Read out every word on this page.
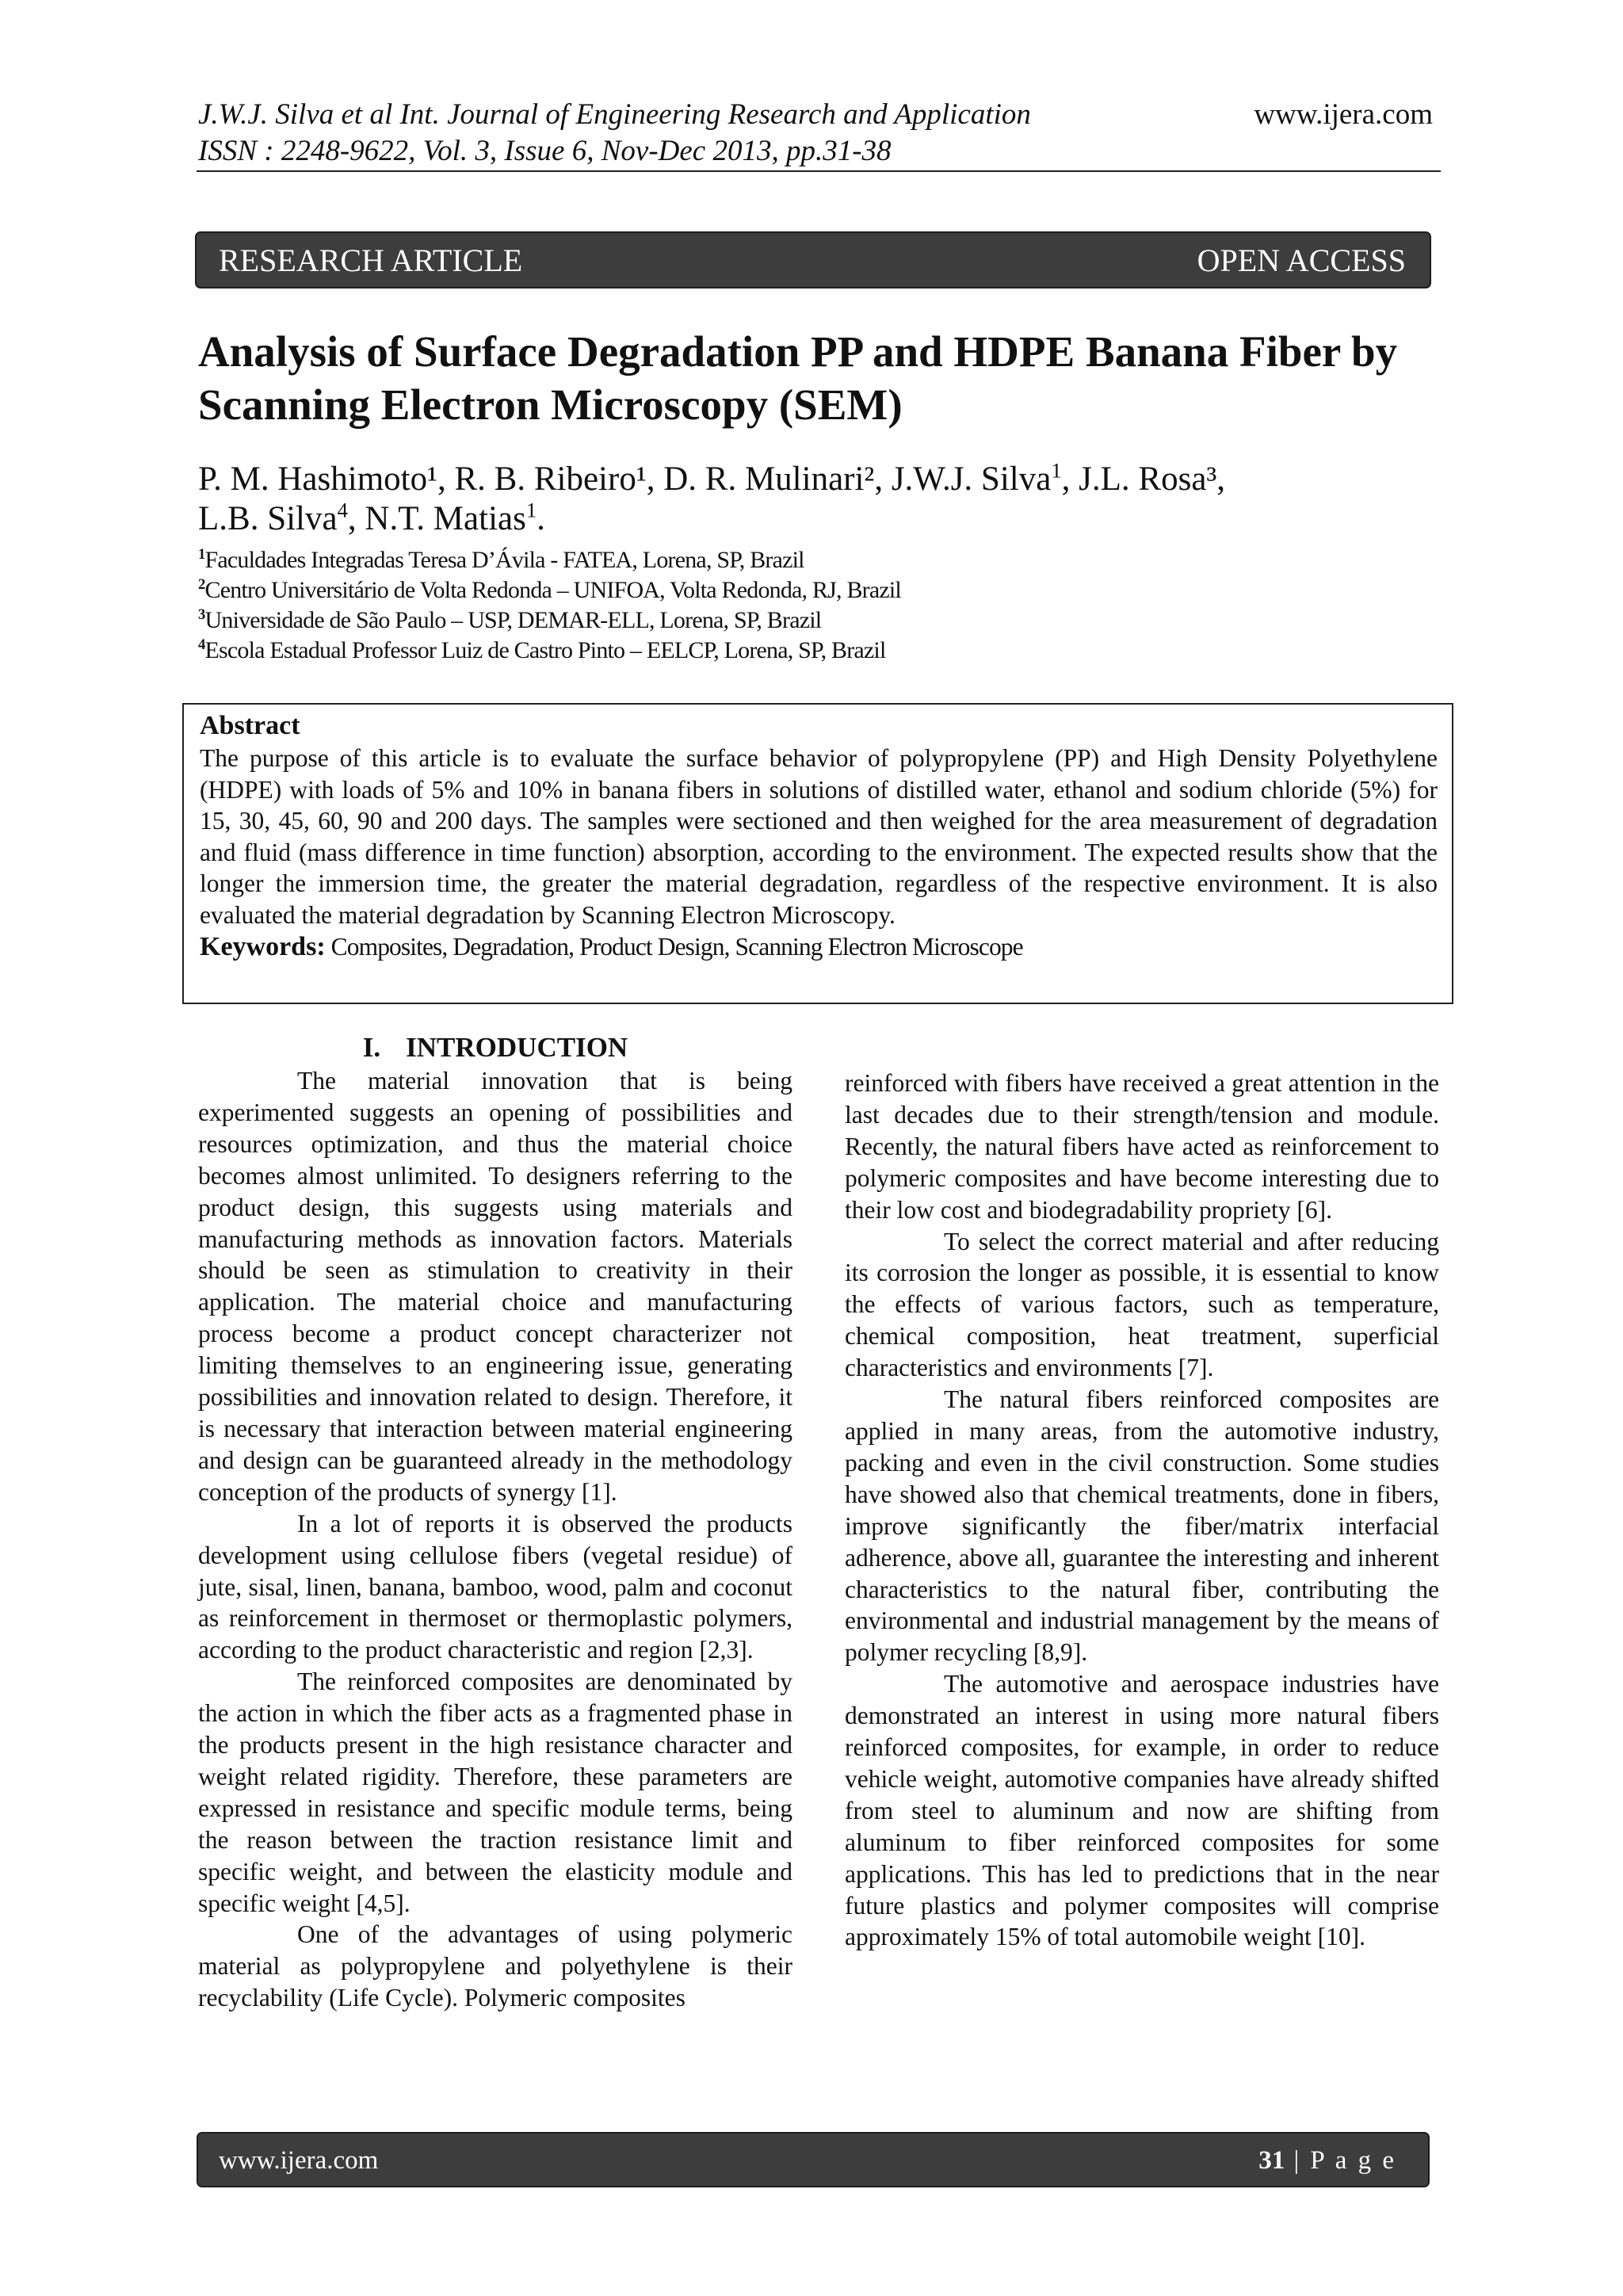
J.W.J. Silva et al Int. Journal of Engineering Research and Application
ISSN : 2248-9622, Vol. 3, Issue 6, Nov-Dec 2013, pp.31-38
www.ijera.com
RESEARCH ARTICLE	OPEN ACCESS
Analysis of Surface Degradation PP and HDPE Banana Fiber by
Scanning Electron Microscopy (SEM)
P. M. Hashimoto¹, R. B. Ribeiro¹, D. R. Mulinari², J.W.J. Silva$^1$, J.L. Rosa³,
L.B. Silva$^4$, N.T. Matias$^1$.
$^1$Faculdades Integradas Teresa D’Ávila - FATEA, Lorena, SP, Brazil
$^2$Centro Universitário de Volta Redonda – UNIFOA, Volta Redonda, RJ, Brazil
$^3$Universidade de São Paulo – USP, DEMAR-ELL, Lorena, SP, Brazil
$^4$Escola Estadual Professor Luiz de Castro Pinto – EELCP, Lorena, SP, Brazil
Abstract
The purpose of this article is to evaluate the surface behavior of polypropylene (PP) and High Density Polyethylene (HDPE) with loads of 5% and 10% in banana fibers in solutions of distilled water, ethanol and sodium chloride (5%) for 15, 30, 45, 60, 90 and 200 days. The samples were sectioned and then weighed for the area measurement of degradation and fluid (mass difference in time function) absorption, according to the environment. The expected results show that the longer the immersion time, the greater the material degradation, regardless of the respective environment. It is also evaluated the material degradation by Scanning Electron Microscopy.
Keywords: Composites, Degradation, Product Design, Scanning Electron Microscope
I. INTRODUCTION

The material innovation that is being experimented suggests an opening of possibilities and resources optimization, and thus the material choice becomes almost unlimited. To designers referring to the product design, this suggests using materials and manufacturing methods as innovation factors. Materials should be seen as stimulation to creativity in their application. The material choice and manufacturing process become a product concept characterizer not limiting themselves to an engineering issue, generating possibilities and innovation related to design. Therefore, it is necessary that interaction between material engineering and design can be guaranteed already in the methodology conception of the products of synergy [1].

In a lot of reports it is observed the products development using cellulose fibers (vegetal residue) of jute, sisal, linen, banana, bamboo, wood, palm and coconut as reinforcement in thermoset or thermoplastic polymers, according to the product characteristic and region [2,3].

The reinforced composites are denominated by the action in which the fiber acts as a fragmented phase in the products present in the high resistance character and weight related rigidity. Therefore, these parameters are expressed in resistance and specific module terms, being the reason between the traction resistance limit and specific weight, and between the elasticity module and specific weight [4,5].

One of the advantages of using polymeric material as polypropylene and polyethylene is their recyclability (Life Cycle). Polymeric composites

reinforced with fibers have received a great attention in the last decades due to their strength/tension and module. Recently, the natural fibers have acted as reinforcement to polymeric composites and have become interesting due to their low cost and biodegradability propriety [6].

To select the correct material and after reducing its corrosion the longer as possible, it is essential to know the effects of various factors, such as temperature, chemical composition, heat treatment, superficial characteristics and environments [7].

The natural fibers reinforced composites are applied in many areas, from the automotive industry, packing and even in the civil construction. Some studies have showed also that chemical treatments, done in fibers, improve significantly the fiber/matrix interfacial adherence, above all, guarantee the interesting and inherent characteristics to the natural fiber, contributing the environmental and industrial management by the means of polymer recycling [8,9].

The automotive and aerospace industries have demonstrated an interest in using more natural fibers reinforced composites, for example, in order to reduce vehicle weight, automotive companies have already shifted from steel to aluminum and now are shifting from aluminum to fiber reinforced composites for some applications. This has led to predictions that in the near future plastics and polymer composites will comprise approximately 15% of total automobile weight [10].

www.ijera.com	31 | P a g e
